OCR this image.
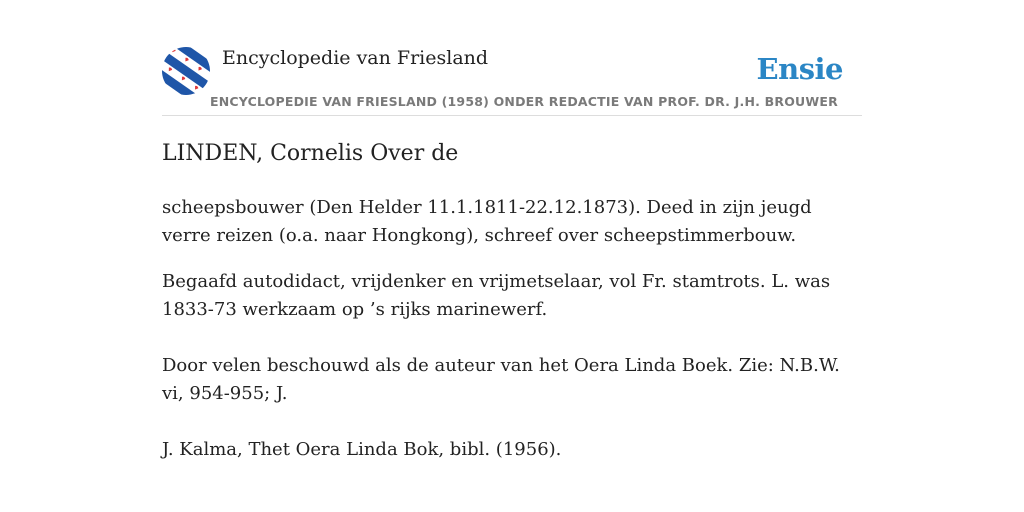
Encyclopedie van Friesland	Ensie
ENCYCLOPEDIE VAN FRIESLAND (1958) ONDER REDACTIE VAN PROF. DR. J.H. BROUWER
LINDEN, Cornelis Over de

scheepsbouwer (Den Helder 11.1.1811-22.12.1873). Deed in zijn jeugd verre reizen (o.a. naar Hongkong), schreef over scheepstimmerbouw.

Begaafd autodidact, vrijdenker en vrijmetselaar, vol Fr. stamtrots. L. was 1833-73 werkzaam op ’s rijks marinewerf.

Door velen beschouwd als de auteur van het Oera Linda Boek. Zie: N.B.W. vi, 954-955; J.

J. Kalma, Thet Oera Linda Bok, bibl. (1956).
